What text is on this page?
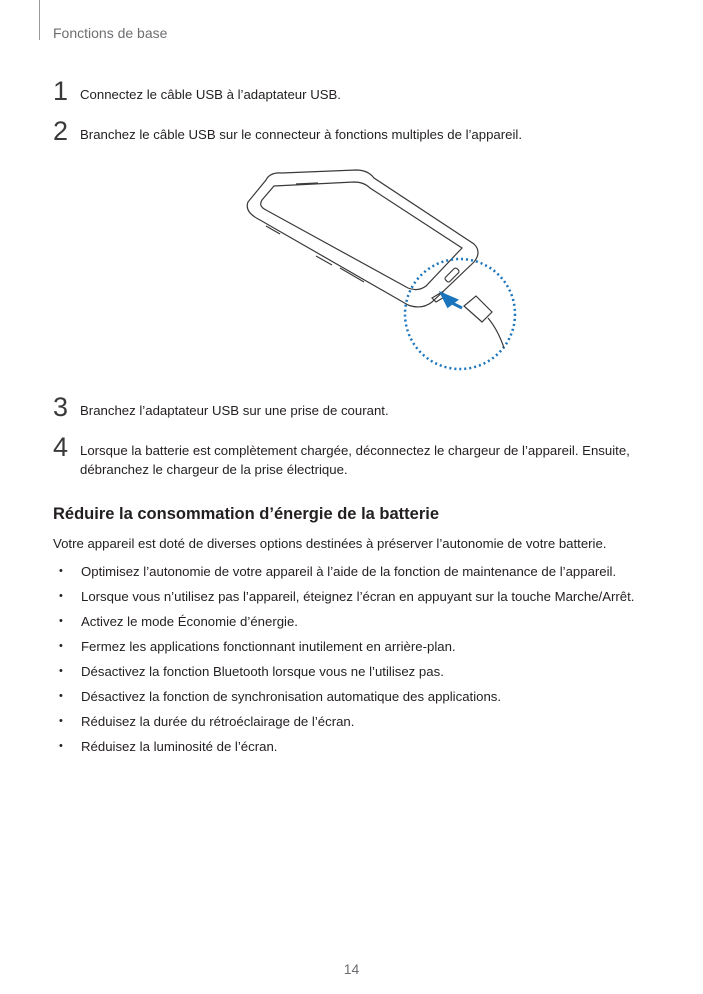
Fonctions de base
1 Connectez le câble USB à l’adaptateur USB.
2 Branchez le câble USB sur le connecteur à fonctions multiples de l’appareil.
3 Branchez l’adaptateur USB sur une prise de courant.
4 Lorsque la batterie est complètement chargée, déconnectez le chargeur de l’appareil. Ensuite, débranchez le chargeur de la prise électrique.
Réduire la consommation d’énergie de la batterie
Votre appareil est doté de diverses options destinées à préserver l’autonomie de votre batterie.
• Optimisez l’autonomie de votre appareil à l’aide de la fonction de maintenance de l’appareil.
• Lorsque vous n’utilisez pas l’appareil, éteignez l’écran en appuyant sur la touche Marche/Arrêt.
• Activez le mode Économie d’énergie.
• Fermez les applications fonctionnant inutilement en arrière-plan.
• Désactivez la fonction Bluetooth lorsque vous ne l’utilisez pas.
• Désactivez la fonction de synchronisation automatique des applications.
• Réduisez la durée du rétroéclairage de l’écran.
• Réduisez la luminosité de l’écran.
14
